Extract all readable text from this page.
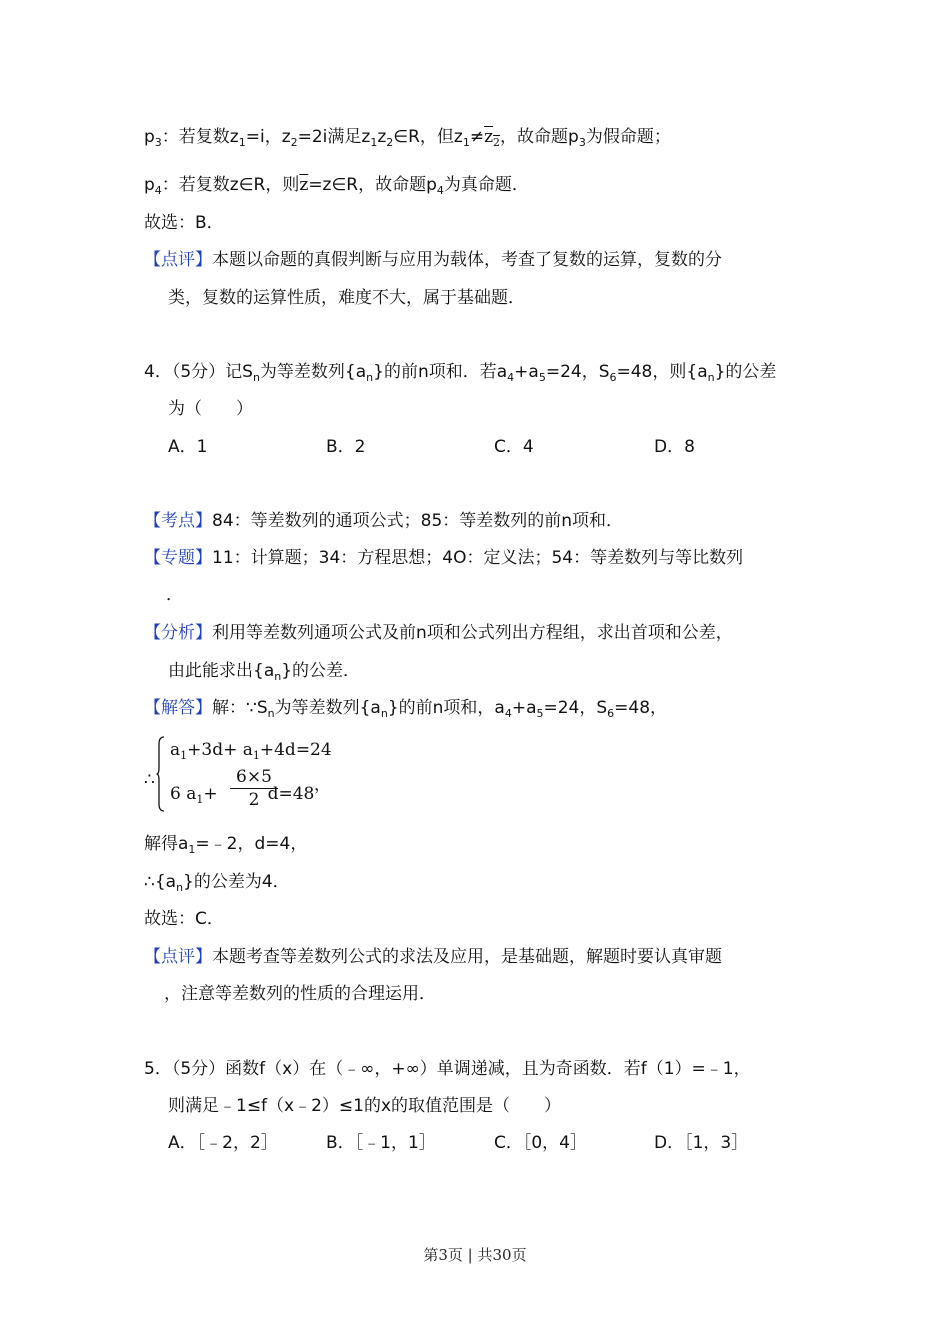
$p_3$：若复数$z_1=i$，$z_2=2i$满足$z_1z_2\in R$，但$z_1\ne z_2$，故命题$p_3$为假命题；
$p_4$：若复数z∈R，则$\overline{z}=z\in R$，故命题$p_4$为真命题．
故选：B．
【点评】本题以命题的真假判断与应用为载体，考查了复数的运算，复数的分
类，复数的运算性质，难度不大，属于基础题．
4．（5分）记$S_n$为等差数列$\{a_n\}$的前n项和．若$a_4+a_5=24$，$S_6=48$，则$\{a_n\}$的公差
为（　　）
A．1	B．2	C．4	D．8
【考点】84：等差数列的通项公式；85：等差数列的前n项和．
【专题】11：计算题；34：方程思想；4O：定义法；54：等差数列与等比数列
．
【分析】利用等差数列通项公式及前n项和公式列出方程组，求出首项和公差，
由此能求出$\{a_n\}$的公差．
【解答】解：$\because S_n$为等差数列$\{a_n\}$的前n项和，$a_4+a_5=24$，$S_6=48$，
∴
$a_1+3d+ a_1+4d=24$
6 $a_1+$	d=48
$\frac{6\times 5}{2}$ ，
解得$a_1=﹣2$，d=4，
$\therefore\{a_n\}$的公差为4．
故选：C．
【点评】本题考查等差数列公式的求法及应用，是基础题，解题时要认真审题
，注意等差数列的性质的合理运用．
5．（5分）函数f（x）在（﹣∞，+∞）单调递减，且为奇函数．若f（1）=﹣1，
则满足﹣1≤f（x﹣2）≤1的x的取值范围是（　　）
A．［﹣2，2］	B．［﹣1，1］	C．［0，4］	D．［1，3］
第3页 | 共30页
